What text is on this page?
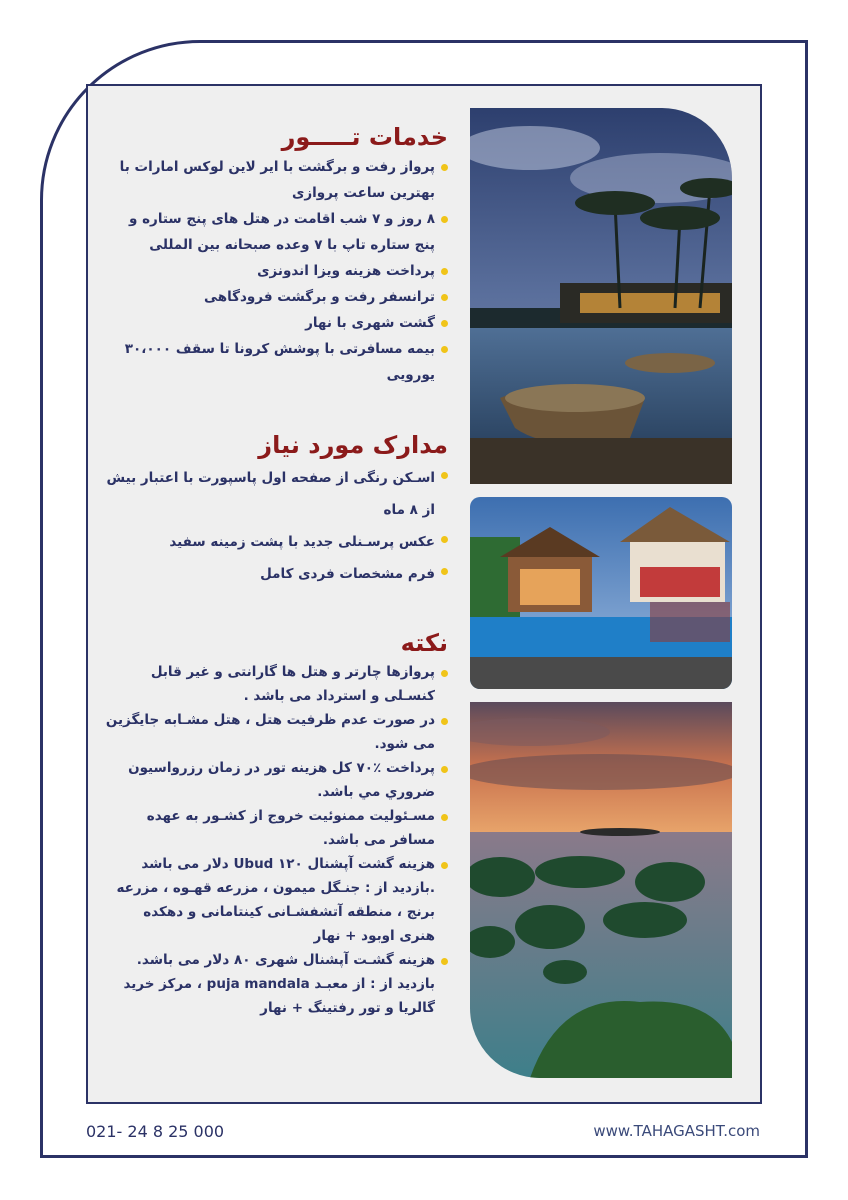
خدمات تـــــور
پرواز رفت و برگشت با ایر لاین لوکس امارات با بهترین ساعت پروازی
۸ روز و ۷ شب اقامت در هتل های پنج ستاره و پنج ستاره تاپ با ۷ وعده صبحانه بین المللی
پرداخت هزینه ویزا اندونزی
ترانسفر رفت و برگشت فرودگاهی
گشت شهری با نهار
بیمه مسافرتی با پوشش کرونا تا سقف ۳۰،۰۰۰ یورویی
مدارک مورد نیاز
اسـکن رنگی از صفحه اول پاسپورت با اعتبار بیش از ۸ ماه
عکس پرسـنلی جدید با پشت زمینه سفید
فرم مشخصات فردی کامل
نکته
پروازها چارتر و هتل ها گارانتی و غیر قابل کنسـلی و استرداد می باشد .
در صورت عدم ظرفیت هتل ، هتل مشـابه جایگزین می شود.
پرداخت ٪۷۰ کل هزینه تور در زمان رزرواسیون ضروري مي باشد.
مسـئولیت ممنوئیت خروج از کشـور به عهده مسافر می باشد.
هزینه گشت آپشنال Ubud ۱۲۰ دلار می باشد .بازدید از : جنـگل میمون ، مزرعه قهـوه ، مزرعه برنج ، منطقه آتشفشـانی کینتامانی و دهکده هنری اوبود + نهار
هزینه گشـت آپشنال شهری ۸۰ دلار می باشد. بازدید از : از معبـد puja mandala ، مرکز خرید گالریا و تور رفتینگ + نهار
021- 24 8 25 000	www.TAHAGASHT.com
